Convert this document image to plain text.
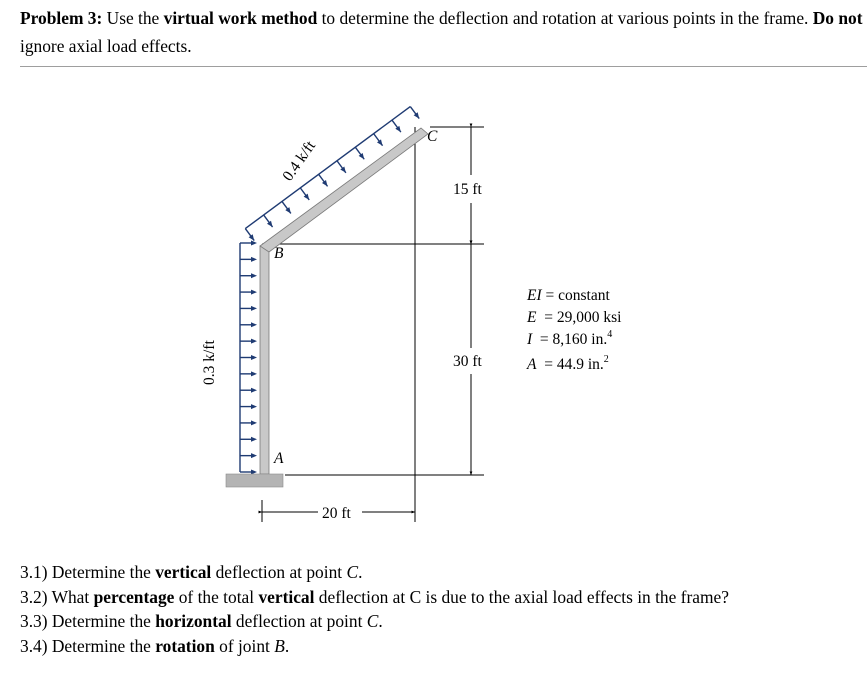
Problem 3: Use the virtual work method to determine the deflection and rotation at various points in the frame. Do not ignore axial load effects.

0.4 k/ft
0.3 k/ft
A
B
C
15 ft
30 ft
20 ft
EI = constant
E  = 29,000 ksi
I  = 8,160 in.$^4$
A  = 44.9 in.$^2$
3.1) Determine the vertical deflection at point C.
3.2) What percentage of the total vertical deflection at C is due to the axial load effects in the frame?
3.3) Determine the horizontal deflection at point C.
3.4) Determine the rotation of joint B.
